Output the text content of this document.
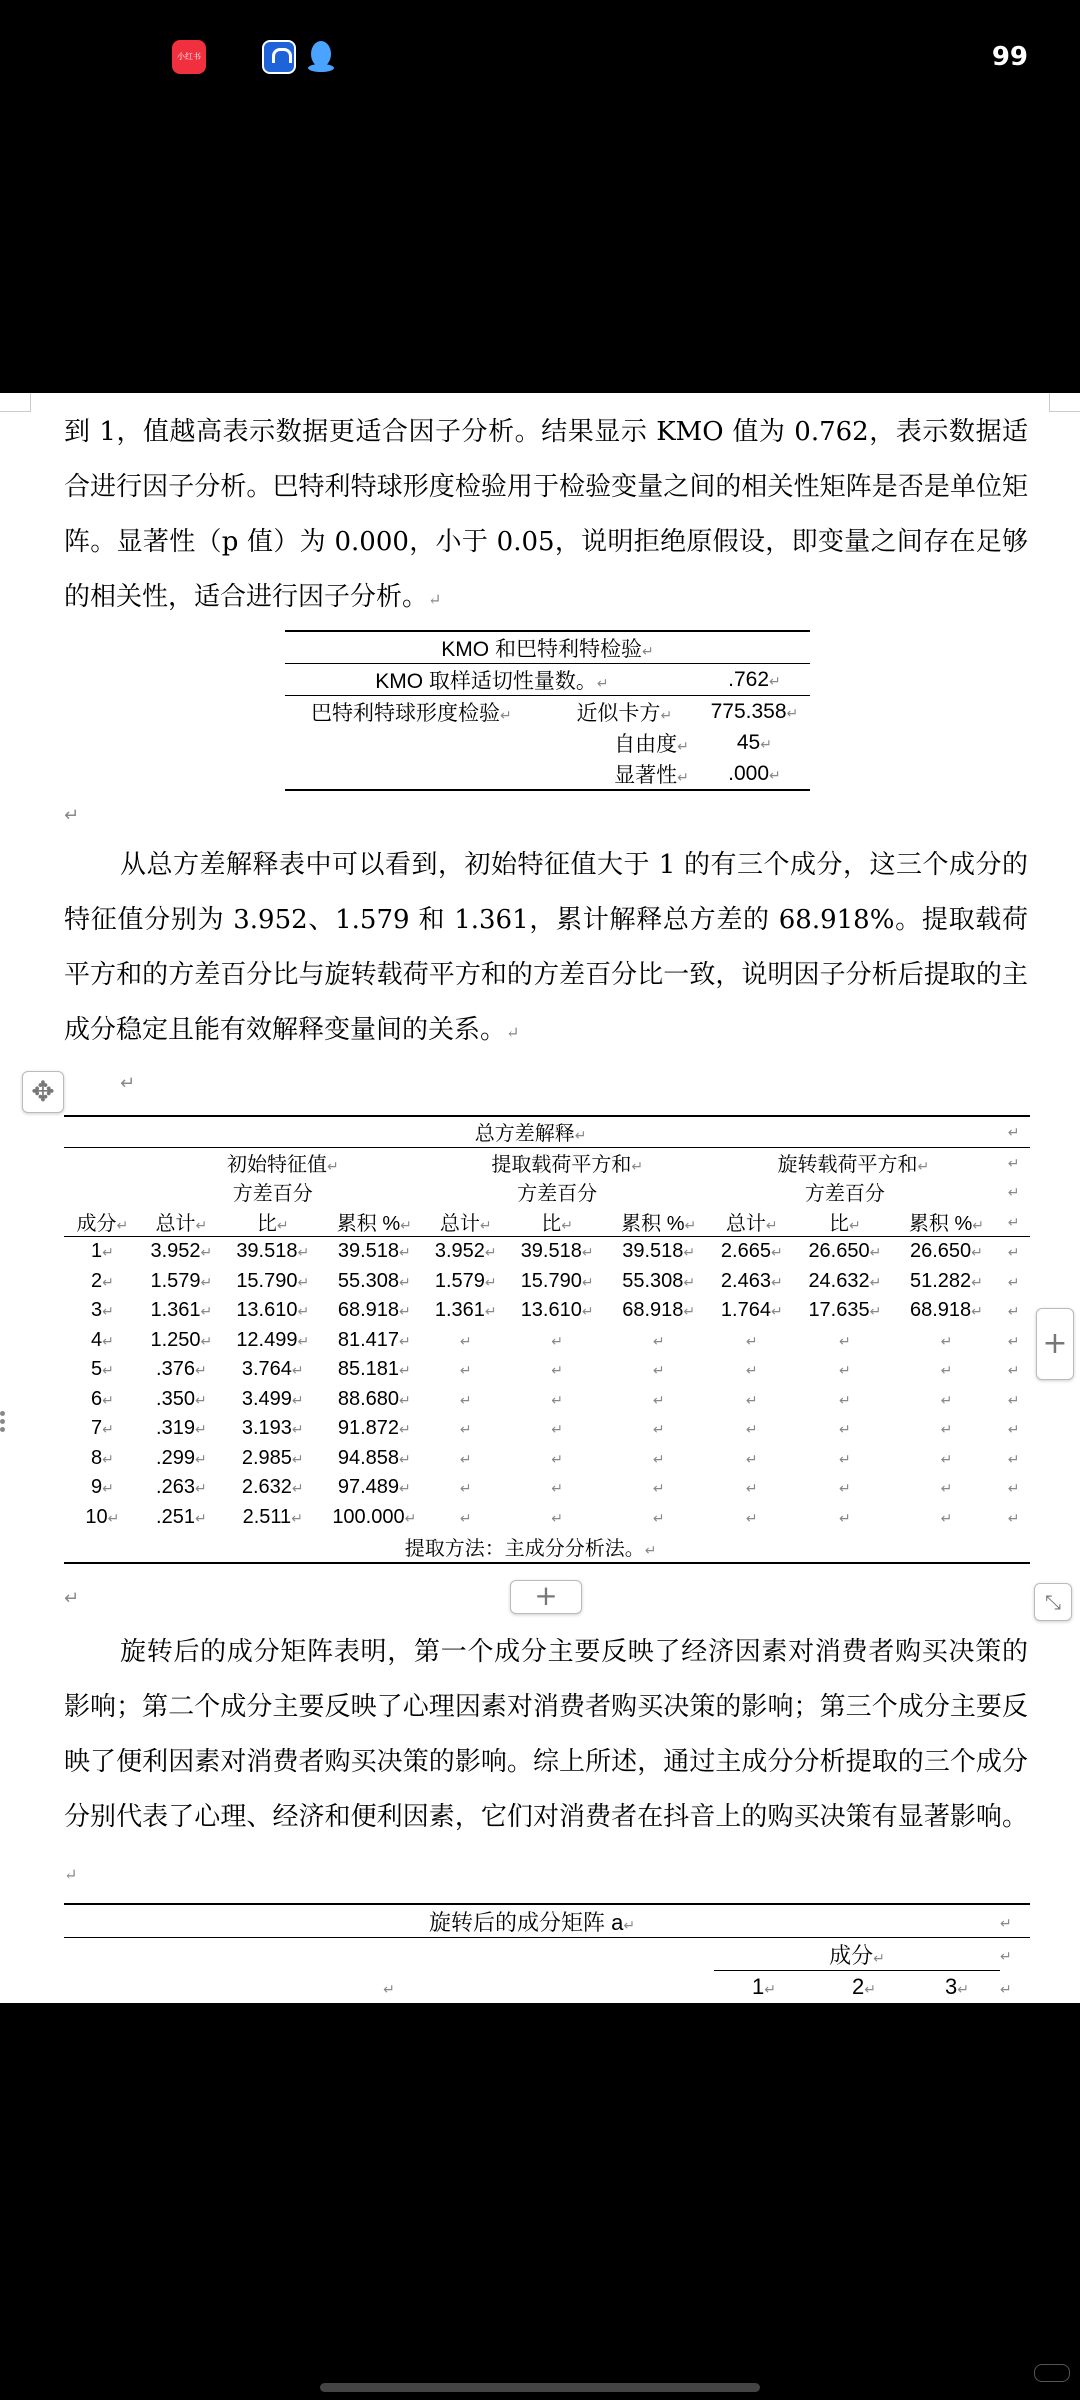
小红书	99
到 1，值越高表示数据更适合因子分析。结果显示 KMO 值为 0.762，表示数据适合进行因子分析。巴特利特球形度检验用于检验变量之间的相关性矩阵是否是单位矩阵。显著性（p 值）为 0.000，小于 0.05，说明拒绝原假设，即变量之间存在足够的相关性，适合进行因子分析。↵
KMO 和巴特利特检验↵		
KMO 取样适切性量数。↵		.762↵
巴特利特球形度检验↵	近似卡方↵	775.358↵
	自由度↵	45↵
	显著性↵	.000↵
↵
从总方差解释表中可以看到，初始特征值大于 1 的有三个成分，这三个成分的特征值分别为 3.952、1.579 和 1.361，累计解释总方差的 68.918%。提取载荷平方和的方差百分比与旋转载荷平方和的方差百分比一致，说明因子分析后提取的主成分稳定且能有效解释变量间的关系。↵
↵
总方差解释↵										↵
	初始特征值↵			提取载荷平方和↵			旋转载荷平方和↵			↵
		方差百分			方差百分			方差百分		↵
成分↵	总计↵	比↵	累积 %↵	总计↵	比↵	累积 %↵	总计↵	比↵	累积 %↵	↵
1↵	3.952↵	39.518↵	39.518↵	3.952↵	39.518↵	39.518↵	2.665↵	26.650↵	26.650↵	↵
2↵	1.579↵	15.790↵	55.308↵	1.579↵	15.790↵	55.308↵	2.463↵	24.632↵	51.282↵	↵
3↵	1.361↵	13.610↵	68.918↵	1.361↵	13.610↵	68.918↵	1.764↵	17.635↵	68.918↵	↵
4↵	1.250↵	12.499↵	81.417↵	↵	↵	↵	↵	↵	↵	↵
5↵	.376↵	3.764↵	85.181↵	↵	↵	↵	↵	↵	↵	↵
6↵	.350↵	3.499↵	88.680↵	↵	↵	↵	↵	↵	↵	↵
7↵	.319↵	3.193↵	91.872↵	↵	↵	↵	↵	↵	↵	↵
8↵	.299↵	2.985↵	94.858↵	↵	↵	↵	↵	↵	↵	↵
9↵	.263↵	2.632↵	97.489↵	↵	↵	↵	↵	↵	↵	↵
10↵	.251↵	2.511↵	100.000↵	↵	↵	↵	↵	↵	↵	↵
提取方法：主成分分析法。↵										
↵
旋转后的成分矩阵表明，第一个成分主要反映了经济因素对消费者购买决策的影响；第二个成分主要反映了心理因素对消费者购买决策的影响；第三个成分主要反映了便利因素对消费者购买决策的影响。综上所述，通过主成分分析提取的三个成分分别代表了心理、经济和便利因素，它们对消费者在抖音上的购买决策有显著影响。↵
旋转后的成分矩阵 a↵				↵
	成分↵			↵
↵	1↵	2↵	3↵	↵
✥
+
+	⤡
